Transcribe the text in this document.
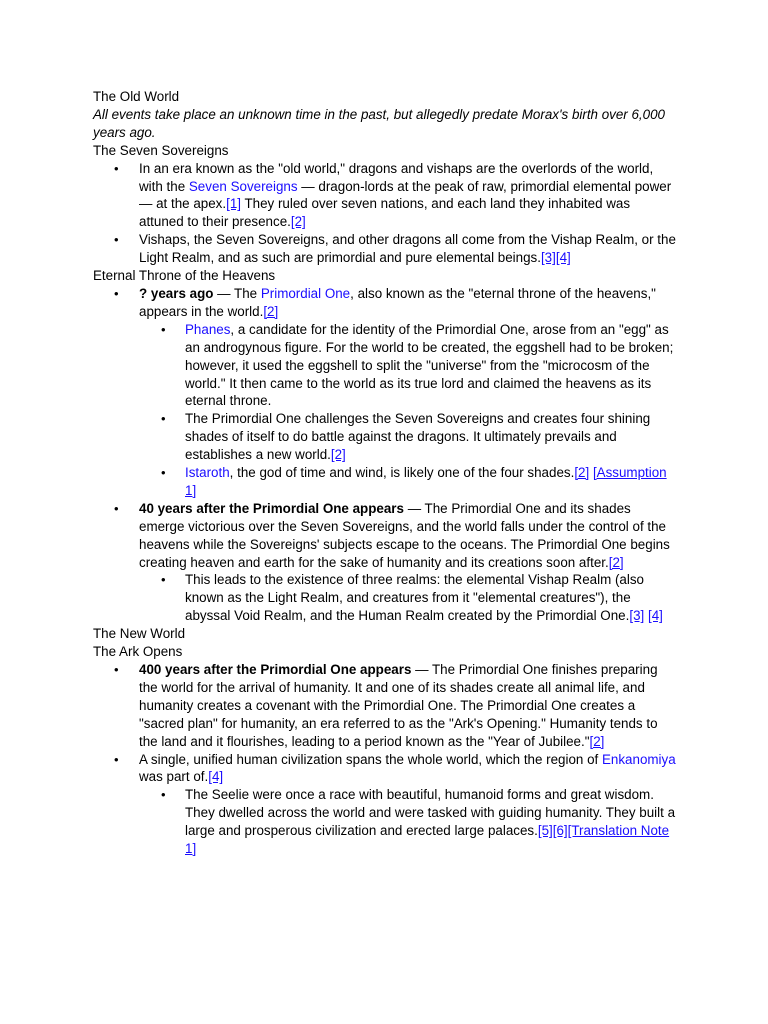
The Old World

All events take place an unknown time in the past, but allegedly predate Morax's birth over 6,000 years ago.

The Seven Sovereigns

• In an era known as the "old world," dragons and vishaps are the overlords of the world, with the Seven Sovereigns — dragon-lords at the peak of raw, primordial elemental power — at the apex.[1] They ruled over seven nations, and each land they inhabited was attuned to their presence.[2]
• Vishaps, the Seven Sovereigns, and other dragons all come from the Vishap Realm, or the Light Realm, and as such are primordial and pure elemental beings.[3][4]

Eternal Throne of the Heavens

• ? years ago — The Primordial One, also known as the "eternal throne of the heavens," appears in the world.[2]
• Phanes, a candidate for the identity of the Primordial One, arose from an "egg" as an androgynous figure. For the world to be created, the eggshell had to be broken; however, it used the eggshell to split the "universe" from the "microcosm of the world." It then came to the world as its true lord and claimed the heavens as its eternal throne.
• The Primordial One challenges the Seven Sovereigns and creates four shining shades of itself to do battle against the dragons. It ultimately prevails and establishes a new world.[2]
• Istaroth, the god of time and wind, is likely one of the four shades.[2] [Assumption 1]
• 40 years after the Primordial One appears — The Primordial One and its shades emerge victorious over the Seven Sovereigns, and the world falls under the control of the heavens while the Sovereigns' subjects escape to the oceans. The Primordial One begins creating heaven and earth for the sake of humanity and its creations soon after.[2]
• This leads to the existence of three realms: the elemental Vishap Realm (also known as the Light Realm, and creatures from it "elemental creatures"), the abyssal Void Realm, and the Human Realm created by the Primordial One.[3] [4]

The New World

The Ark Opens

• 400 years after the Primordial One appears — The Primordial One finishes preparing the world for the arrival of humanity. It and one of its shades create all animal life, and humanity creates a covenant with the Primordial One. The Primordial One creates a "sacred plan" for humanity, an era referred to as the "Ark's Opening." Humanity tends to the land and it flourishes, leading to a period known as the "Year of Jubilee."[2]
• A single, unified human civilization spans the whole world, which the region of Enkanomiya was part of.[4]
• The Seelie were once a race with beautiful, humanoid forms and great wisdom. They dwelled across the world and were tasked with guiding humanity. They built a large and prosperous civilization and erected large palaces.[5][6][Translation Note 1]
